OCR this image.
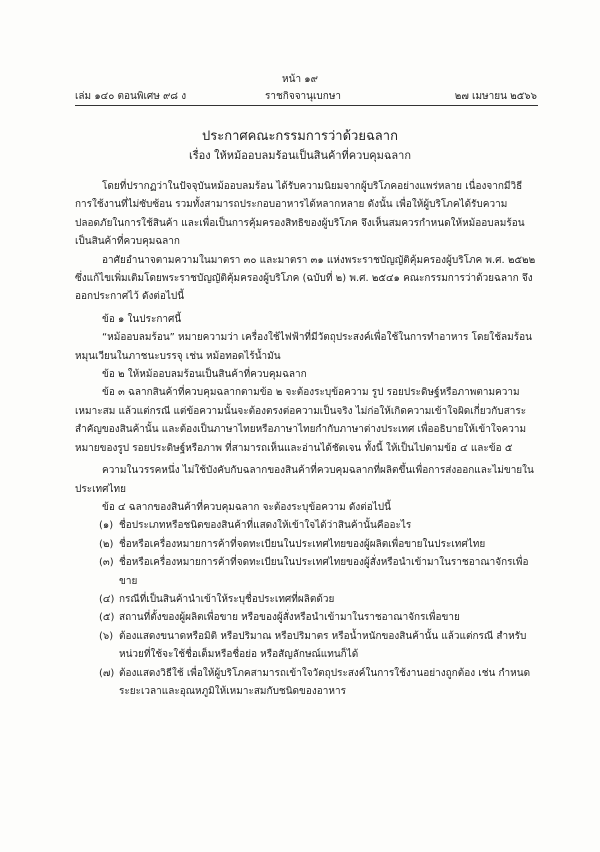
หน้า ๑๙
เล่ม ๑๔๐ ตอนพิเศษ ๙๘ ง	ราชกิจจานุเบกษา	๒๗ เมษายน ๒๕๖๖
ประกาศคณะกรรมการว่าด้วยฉลาก
เรื่อง ให้หม้ออบลมร้อนเป็นสินค้าที่ควบคุมฉลาก

โดยที่ปรากฏว่าในปัจจุบันหม้ออบลมร้อน ได้รับความนิยมจากผู้บริโภคอย่างแพร่หลาย เนื่องจากมีวิธีการใช้งานที่ไม่ซับซ้อน รวมทั้งสามารถประกอบอาหารได้หลากหลาย ดังนั้น เพื่อให้ผู้บริโภคได้รับความปลอดภัยในการใช้สินค้า และเพื่อเป็นการคุ้มครองสิทธิของผู้บริโภค จึงเห็นสมควรกำหนดให้หม้ออบลมร้อนเป็นสินค้าที่ควบคุมฉลาก

อาศัยอำนาจตามความในมาตรา ๓๐ และมาตรา ๓๑ แห่งพระราชบัญญัติคุ้มครองผู้บริโภค พ.ศ. ๒๕๒๒ ซึ่งแก้ไขเพิ่มเติมโดยพระราชบัญญัติคุ้มครองผู้บริโภค (ฉบับที่ ๒) พ.ศ. ๒๕๔๑ คณะกรรมการว่าด้วยฉลาก จึงออกประกาศไว้ ดังต่อไปนี้

ข้อ ๑ ในประกาศนี้

“หม้ออบลมร้อน” หมายความว่า เครื่องใช้ไฟฟ้าที่มีวัตถุประสงค์เพื่อใช้ในการทำอาหาร โดยใช้ลมร้อนหมุนเวียนในภาชนะบรรจุ เช่น หม้อทอดไร้น้ำมัน

ข้อ ๒ ให้หม้ออบลมร้อนเป็นสินค้าที่ควบคุมฉลาก

ข้อ ๓ ฉลากสินค้าที่ควบคุมฉลากตามข้อ ๒ จะต้องระบุข้อความ รูป รอยประดิษฐ์หรือภาพตามความเหมาะสม แล้วแต่กรณี แต่ข้อความนั้นจะต้องตรงต่อความเป็นจริง ไม่ก่อให้เกิดความเข้าใจผิดเกี่ยวกับสาระสำคัญของสินค้านั้น และต้องเป็นภาษาไทยหรือภาษาไทยกำกับภาษาต่างประเทศ เพื่ออธิบายให้เข้าใจความหมายของรูป รอยประดิษฐ์หรือภาพ ที่สามารถเห็นและอ่านได้ชัดเจน ทั้งนี้ ให้เป็นไปตามข้อ ๔ และข้อ ๕

ความในวรรคหนึ่ง ไม่ใช้บังคับกับฉลากของสินค้าที่ควบคุมฉลากที่ผลิตขึ้นเพื่อการส่งออกและไม่ขายในประเทศไทย

ข้อ ๔ ฉลากของสินค้าที่ควบคุมฉลาก จะต้องระบุข้อความ ดังต่อไปนี้

(๑) ชื่อประเภทหรือชนิดของสินค้าที่แสดงให้เข้าใจได้ว่าสินค้านั้นคืออะไร

(๒) ชื่อหรือเครื่องหมายการค้าที่จดทะเบียนในประเทศไทยของผู้ผลิตเพื่อขายในประเทศไทย

(๓) ชื่อหรือเครื่องหมายการค้าที่จดทะเบียนในประเทศไทยของผู้สั่งหรือนำเข้ามาในราชอาณาจักรเพื่อขาย

(๔) กรณีที่เป็นสินค้านำเข้าให้ระบุชื่อประเทศที่ผลิตด้วย

(๕) สถานที่ตั้งของผู้ผลิตเพื่อขาย หรือของผู้สั่งหรือนำเข้ามาในราชอาณาจักรเพื่อขาย

(๖) ต้องแสดงขนาดหรือมิติ หรือปริมาณ หรือปริมาตร หรือน้ำหนักของสินค้านั้น แล้วแต่กรณี สำหรับหน่วยที่ใช้จะใช้ชื่อเต็มหรือชื่อย่อ หรือสัญลักษณ์แทนก็ได้

(๗) ต้องแสดงวิธีใช้ เพื่อให้ผู้บริโภคสามารถเข้าใจวัตถุประสงค์ในการใช้งานอย่างถูกต้อง เช่น กำหนดระยะเวลาและอุณหภูมิให้เหมาะสมกับชนิดของอาหาร
